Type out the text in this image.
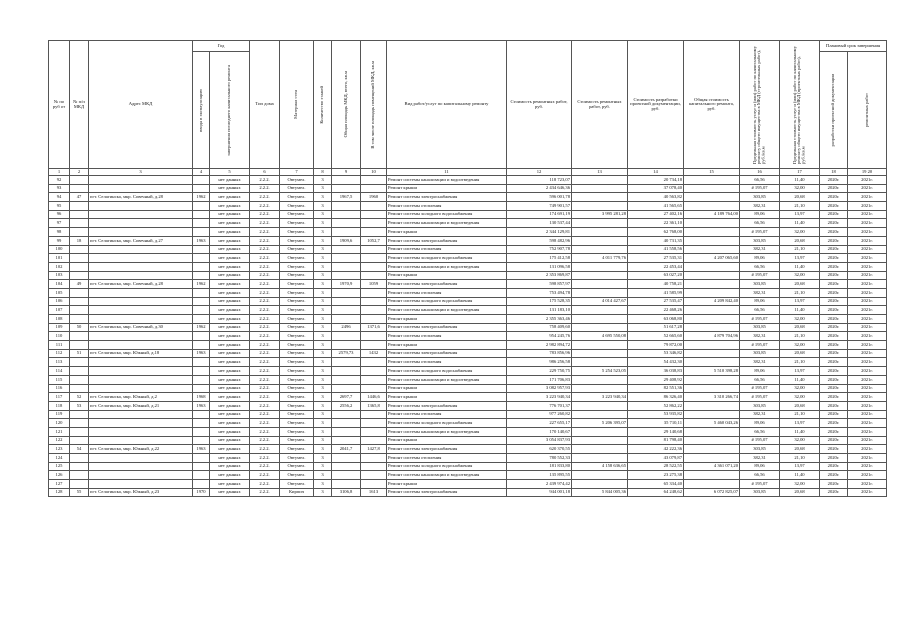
№ по руб от	№ п/п МКД	Адрес МКД	Год		Тип дома	Материал стен	Количество этажей	Общая площадь МКД, всего, кв.м	В том числе площадь помещений МКД, кв.м	Вид работ/услуг по капитальному ремонту	Стоимость ремонтных работ, руб.	Стоимость ремонтных работ, руб.	Стоимость разработки проектной документации, руб.	Общая стоимость капитального ремонта, руб.	Предельная стоимость услуг и (или) работ по капитальному ремонту общего имущества в МКД (строительных работ), руб./кв.м	Предельная стоимость услуг и (или) работ по капитальному ремонту общего имущества в МКД (проектных работ), руб./кв.м	Плановый срок завершения	

			ввода в эксплуатацию	завершения последнего капитального ремонта													разработки проектной документации	ремонтных работ

1	2	3	4	5	6	7	8	9	10	11	12	13	14	15	16	17	18	19 20
92				нет данных	2.2.2.	Овтумел.	3			Ремонт системы канализации и водоотведения	118 723,07		20 734,18		66,56	11,40	2020г.	2021г.
93				нет данных	2.2.2.	Овтумел.	3			Ремонт крыши	2 434 646,36		37 078,40		# 195,07	32,00	2020г.	2021г.
94	47	пгт. Селагинска, мкр. Совечный, д.28	1962	нет данных	2.2.2.	Овтумел.	3	1967,5	1960	Ремонт системы электроснабжения	596 001,78		40 563,82		303,85	20,68	2020г.	2021г.
95				нет данных	2.2.2.	Овтумел.	3			Ремонт системы отопления	749 901,57		41 565,65		382,31	21,10	2020г.	2021г.
96				нет данных	2.2.2.	Овтумел.	3			Ремонт системы холодного водоснабжения	174 691,19	3 995 281,28	27 402,16	4 189 764,00	89,06	13,97	2020г.	2021г.
97				нет данных	2.2.2.	Овтумел.	3			Ремонт системы канализации и водоотведения	130 537,44		22 361,10		66,56	11,40	2020г.	2021г.
98				нет данных	2.2.2.	Овтумел.	3			Ремонт крыши	2 344 129,81		62 768,00		# 195,07	32,00	2020г.	2021г.
99	18	пгт. Селагинска, мкр. Совечный, д.27	1963	нет данных	2.2.2.	Овтумел.	3	1909,6	1052,7	Ремонт системы электроснабжения	598 482,96		40 731,35		303,85	20,68	2020г.	2021г.
100				нет данных	2.2.2.	Овтумел.	3			Ремонт системы отопления	752 907,78		41 558,56		382,31	21,10	2020г.	2021г.
101				нет данных	2.2.2.	Овтумел.	3			Ремонт системы холодного водоснабжения	175 412,58	4 011 779,76	27 535,31	4 207 065,60	89,06	13,97	2020г.	2021г.
102				нет данных	2.2.2.	Овтумел.	3			Ремонт системы канализации и водоотведения	131 096,58		22 453,44		66,56	11,40	2020г.	2021г.
103				нет данных	2.2.2.	Овтумел.	3			Ремонт крыши	2 353 869,87		63 027,20		# 195,07	32,00	2020г.	2021г.
104	49	пгт. Селагинска, мкр. Совечный, д.28	1962	нет данных	2.2.2.	Овтумел.	3	1970,9	1059	Ремонт системы электроснабжения	598 857,97		40 758,21		303,85	20,68	2020г.	2021г.
105				нет данных	2.2.2.	Овтумел.	3			Ремонт системы отопления	753 494,78		41 585,99		382,31	21,10	2020г.	2021г.
106				нет данных	2.2.2.	Овтумел.	3			Ремонт системы холодного водоснабжения	175 528,35	4 014 427,67	27 535,47	4 209 842,40	89,06	13,97	2020г.	2021г.
107				нет данных	2.2.2.	Овтумел.	3			Ремонт системы канализации и водоотведения	131 183,10		22 468,26		66,56	11,40	2020г.	2021г.
108				нет данных	2.2.2.	Овтумел.	3			Ремонт крыши	2 355 363,46		63 068,80		# 195,07	32,00	2020г.	2021г.
109	50	пгт. Селагинска, мкр. Совечный, д.30	1962	нет данных	2.2.2.	Овтумел.	3	2496	1371,6	Ремонт системы электроснабжения	758 409,60		51 617,28		303,85	20,68	2020г.	2021г.
110				нет данных	2.2.2.	Овтумел.	3			Ремонт системы отопления	954 245,76	4 695 550,08	52 665,60	4 879 704,96	382,31	21,10	2020г.	2021г.
111				нет данных	2.2.2.	Овтумел.	3			Ремонт крыши	2 982 894,72		79 872,00		# 195,07	32,00	2020г.	2021г.
112	51	пгт. Селагинска, мкр. Южный, д.18	1963	нет данных	2.2.2.	Овтумел.	3	2579,73	1432	Ремонт системы электроснабжения	783 856,96		53 346,82		303,85	20,68	2020г.	2021г.
113				нет данных	2.2.2.	Овтумел.	3			Ремонт системы отопления	986 256,58		54 432,30		382,31	21,10	2020г.	2021г.
114				нет данных	2.2.2.	Овтумел.	3			Ремонт системы холодного водоснабжения	229 750,75	5 254 523,05	36 038,83	5 510 398,28	89,06	13,97	2020г.	2021г.
115				нет данных	2.2.2.	Овтумел.	3			Ремонт системы канализации и водоотведения	171 706,83		29 408,92		66,56	11,40	2020г.	2021г.
116				нет данных	2.2.2.	Овтумел.	3			Ремонт крыши	3 082 957,93		82 551,36		# 195,07	32,00	2020г.	2021г.
117	52	пгт. Селагинска, мкр. Южный, д.2	1968	нет данных	2.2.2.	Овтумел.	3	2697,7	1446,6	Ремонт крыши	3 223 940,34	3 223 940,34	86 326,40	3 310 266,74	# 195,07	32,00	2020г.	2021г.
118	53	пгт. Селагинска, мкр. Южный, д.21	1963	нет данных	2.2.2.	Овтумел.	3	2556,2	1365,8	Ремонт системы электроснабжения	776 701,37		52 862,22		303,85	20,68	2020г.	2021г.
119				нет данных	2.2.2.	Овтумел.	3			Ремонт системы отопления	977 260,82		53 935,82		382,31	21,10	2020г.	2021г.
120				нет данных	2.2.2.	Овтумел.	3			Ремонт системы холодного водоснабжения	227 655,17	5 206 395,07	35 710,11	5 460 043,26	89,06	13,97	2020г.	2021г.
121				нет данных	2.2.2.	Овтумел.	3			Ремонт системы канализации и водоотведения	170 140,67		29 140,68		66,56	11,40	2020г.	2021г.
122				нет данных	2.2.2.	Овтумел.	3			Ремонт крыши	3 054 837,93		81 798,40		# 195,07	32,00	2020г.	2021г.
123	54	пгт. Селагинска, мкр. Южный, д.22	1963	нет данных	2.2.2.	Овтумел.	3	2041,7	1427,8	Ремонт системы электроснабжения	620 370,55		42 222,36		303,85	20,68	2020г.	2021г.
124				нет данных	2.2.2.	Овтумел.	3			Ремонт системы отопления	780 552,33		43 079,87		382,31	21,10	2020г.	2021г.
125				нет данных	2.2.2.	Овтумел.	3			Ремонт системы холодного водоснабжения	181 833,80	4 158 636,65	28 522,55	4 361 071,20	89,06	13,97	2020г.	2021г.
126				нет данных	2.2.2.	Овтумел.	3			Ремонт системы канализации и водоотведения	135 895,55		23 275,38		66,56	11,40	2020г.	2021г.
127				нет данных	2.2.2.	Овтумел.	3			Ремонт крыши	2 439 974,42		65 334,40		# 195,07	32,00	2020г.	2021г.
128	55	пгт. Селагинска, мкр. Южный, д.23	1970	нет данных	2.2.2.	Кирпич	3	3106,8	1613	Ремонт системы электроснабжения	944 001,18	5 844 005,36	64 248,62	6 072 825,07	303,85	20,68	2020г.	2021г.
